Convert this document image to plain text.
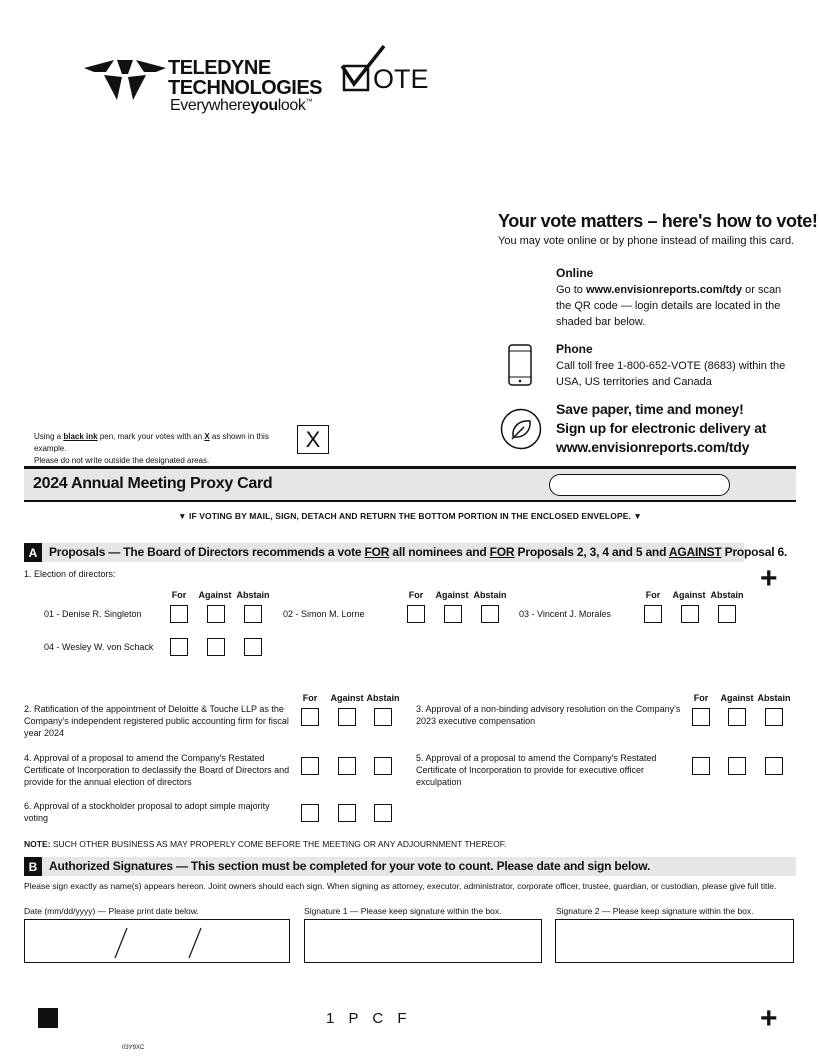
TELEDYNE
TECHNOLOGIES
Everywhereyoulook™
OTE
Your vote matters – here's how to vote!
You may vote online or by phone instead of mailing this card.
Online
Go to www.envisionreports.com/tdy or scan the QR code — login details are located in the shaded bar below.
Phone
Call toll free 1-800-652-VOTE (8683) within the USA, US territories and Canada
Save paper, time and money!
Sign up for electronic delivery at
www.envisionreports.com/tdy
Using a black ink pen, mark your votes with an X as shown in this example.
Please do not write outside the designated areas.
X
2024 Annual Meeting Proxy Card
▼ IF VOTING BY MAIL, SIGN, DETACH AND RETURN THE BOTTOM PORTION IN THE ENCLOSED ENVELOPE. ▼
A Proposals — The Board of Directors recommends a vote FOR all nominees and FOR Proposals 2, 3, 4 and 5 and AGAINST Proposal 6.
+
1. Election of directors:
For	Against Abstain	For	Against Abstain	For	Against Abstain
01 - Denise R. Singleton	02 - Simon M. Lorne	03 - Vincent J. Morales
04 - Wesley W. von Schack
For	Against Abstain	For	Against Abstain
2. Ratification of the appointment of Deloitte & Touche LLP as the Company's independent registered public accounting firm for fiscal year 2024
3. Approval of a non-binding advisory resolution on the Company's 2023 executive compensation
4. Approval of a proposal to amend the Company's Restated Certificate of Incorporation to declassify the Board of Directors and provide for the annual election of directors
5. Approval of a proposal to amend the Company's Restated Certificate of Incorporation to provide for executive officer exculpation
6. Approval of a stockholder proposal to adopt simple majority voting
NOTE: SUCH OTHER BUSINESS AS MAY PROPERLY COME BEFORE THE MEETING OR ANY ADJOURNMENT THEREOF.
B Authorized Signatures — This section must be completed for your vote to count. Please date and sign below.
Please sign exactly as name(s) appears hereon. Joint owners should each sign. When signing as attorney, executor, administrator, corporate officer, trustee, guardian, or custodian, please give full title.
Date (mm/dd/yyyy) — Please print date below.	Signature 1 — Please keep signature within the box.	Signature 2 — Please keep signature within the box.
1 P C F	+
03Y9XC
